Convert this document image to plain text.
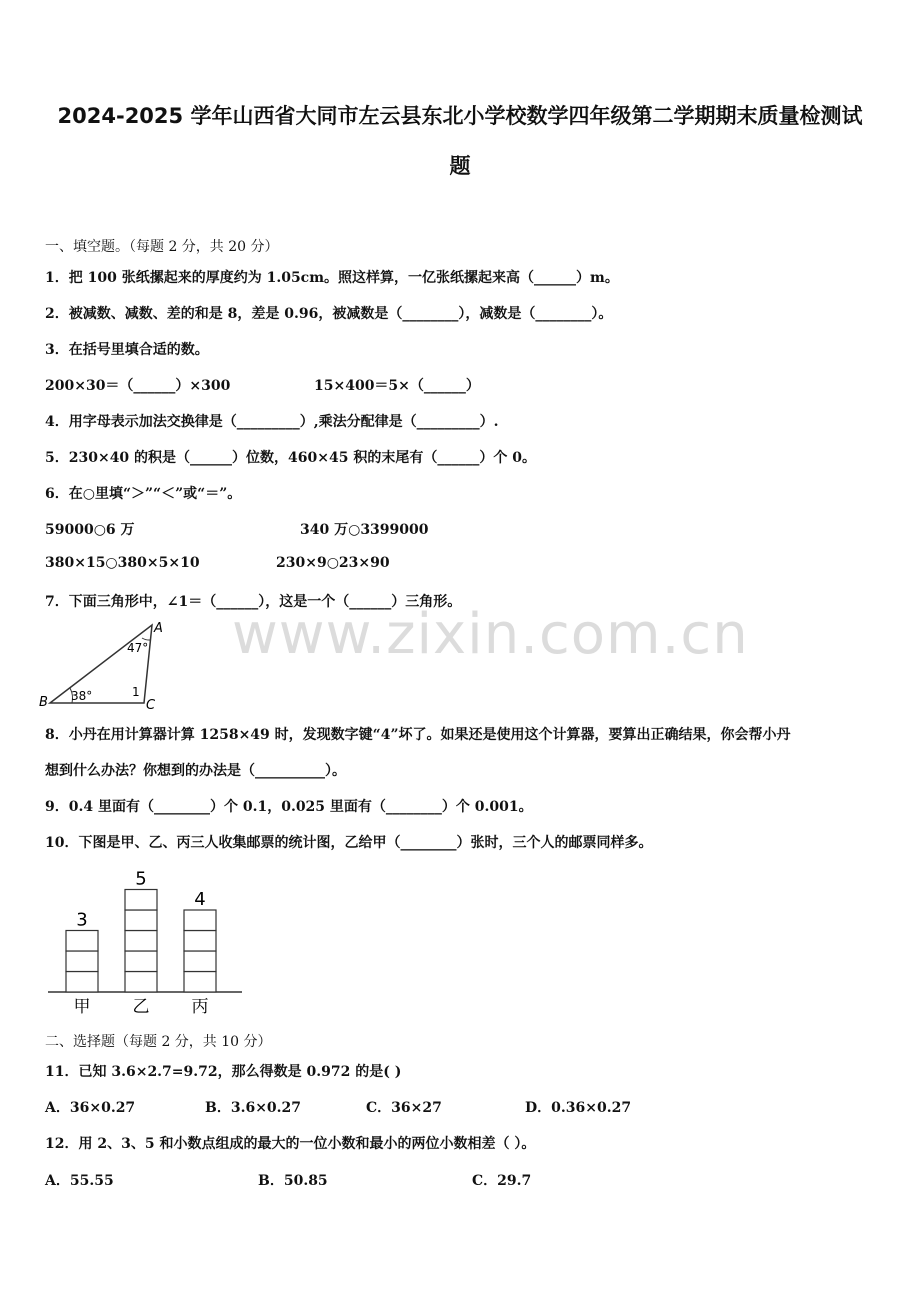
2024-2025 学年山西省大同市左云县东北小学校数学四年级第二学期期末质量检测试
题
www.zixin.com.cn
一、填空题。（每题 2 分，共 20 分）
1．把 100 张纸摞起来的厚度约为 1.05cm。照这样算，一亿张纸摞起来高（______）m。
2．被减数、减数、差的和是 8，差是 0.96，被减数是（________），减数是（________）。
3．在括号里填合适的数。
200×30＝（______）×300	15×400＝5×（______）
4．用字母表示加法交换律是（_________）,乘法分配律是（_________）.
5．230×40 的积是（______）位数，460×45 积的末尾有（______）个 0。
6．在○里填“＞”“＜”或“＝”。
59000○6 万	340 万○3399000
380×15○380×5×10	230×9○23×90
7．下面三角形中，∠1＝（______），这是一个（______）三角形。
A
B	C
47°
38°	1
8．小丹在用计算器计算 1258×49 时，发现数字键“4”坏了。如果还是使用这个计算器，要算出正确结果，你会帮小丹
想到什么办法？你想到的办法是（__________）。
9．0.4 里面有（________）个 0.1，0.025 里面有（________）个 0.001。
10．下图是甲、乙、丙三人收集邮票的统计图，乙给甲（________）张时，三个人的邮票同样多。
3
甲
5
乙
4
丙
二、选择题（每题 2 分，共 10 分）
11．已知 3.6×2.7=9.72，那么得数是 0.972 的是( )
A．36×0.27	B．3.6×0.27	C．36×27	D．0.36×0.27
12．用 2、3、5 和小数点组成的最大的一位小数和最小的两位小数相差（ ）。
A．55.55	B．50.85	C．29.7
